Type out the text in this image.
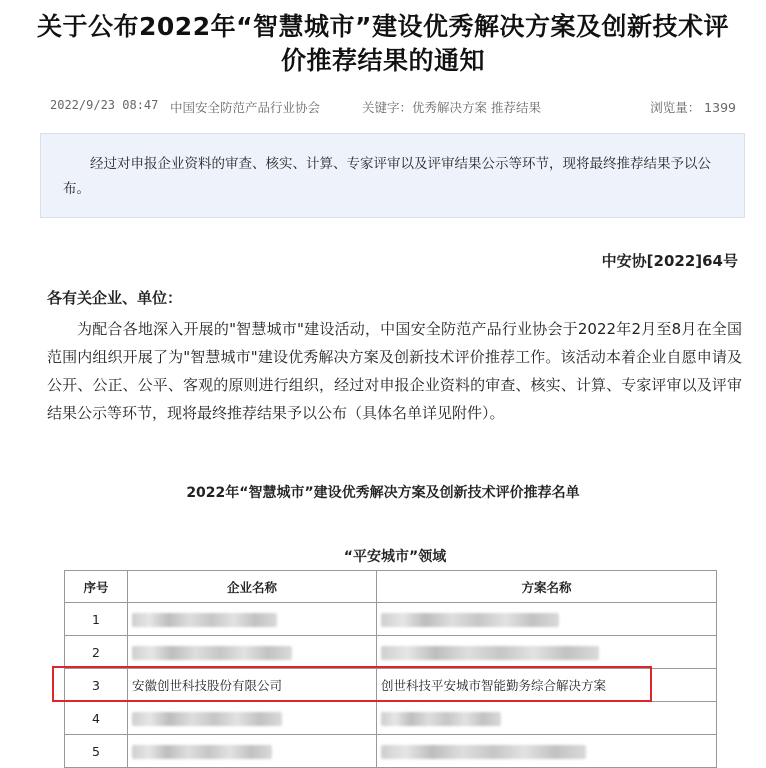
关于公布2022年“智慧城市”建设优秀解决方案及创新技术评
价推荐结果的通知
2022/9/23 08:47 中国安全防范产品行业协会	关键字：优秀解决方案 推荐结果	浏览量： 1399
经过对申报企业资料的审查、核实、计算、专家评审以及评审结果公示等环节，现将最终推荐结果予以公布。
中安协[2022]64号
各有关企业、单位：
为配合各地深入开展的"智慧城市"建设活动，中国安全防范产品行业协会于2022年2月至8月在全国范围内组织开展了为"智慧城市"建设优秀解决方案及创新技术评价推荐工作。该活动本着企业自愿申请及公开、公正、公平、客观的原则进行组织，经过对申报企业资料的审查、核实、计算、专家评审以及评审结果公示等环节，现将最终推荐结果予以公布（具体名单详见附件）。
2022年“智慧城市”建设优秀解决方案及创新技术评价推荐名单
“平安城市”领域
序号	企业名称	方案名称
1		
2		
3	安徽创世科技股份有限公司	创世科技平安城市智能勤务综合解决方案
4		
5		
